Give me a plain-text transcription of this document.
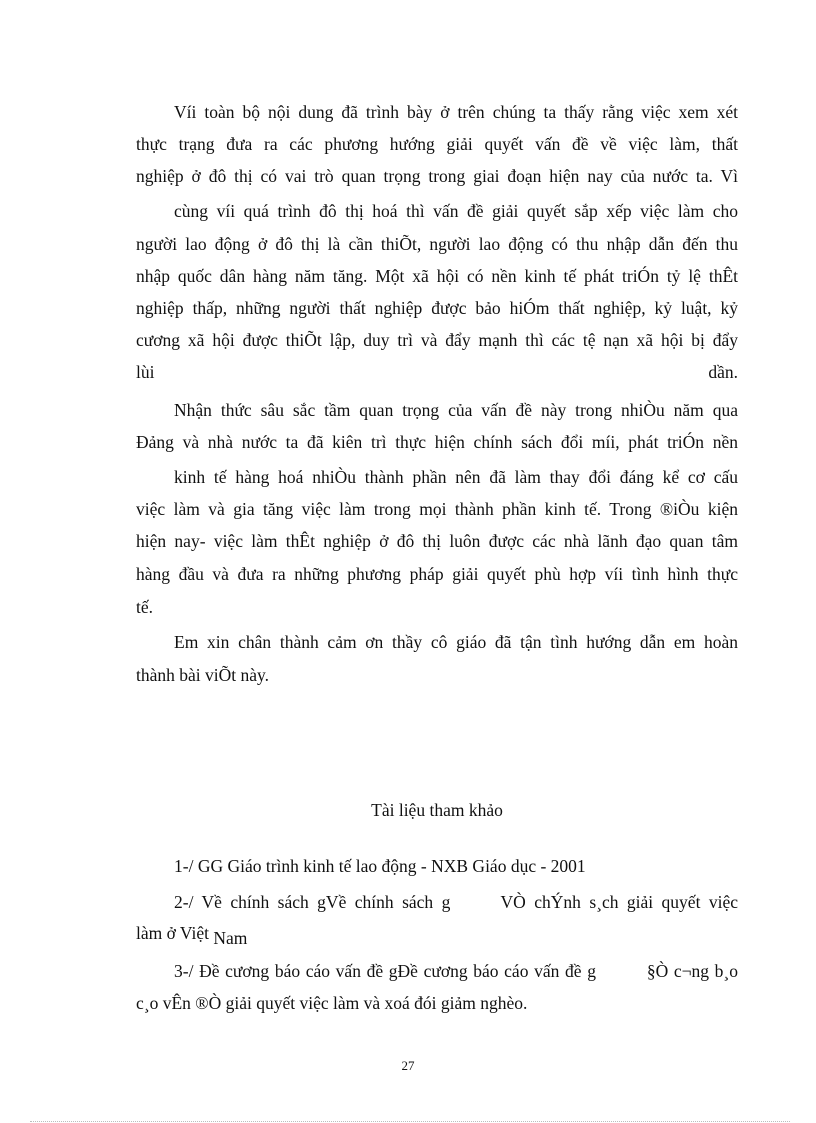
Víi toàn bộ nội dung đã trình bày ở trên chúng ta thấy rằng việc xem xét

thực trạng đưa ra các phương hướng giải quyết vấn đề về việc làm, thất

nghiệp ở đô thị có vai trò quan trọng trong giai đoạn hiện nay của nước ta. Vì

cùng víi quá trình đô thị hoá thì vấn đề giải quyết sắp xếp việc làm cho

người lao động ở đô thị là cần thiÕt, người lao động có thu nhập dẫn đến thu

nhập quốc dân hàng năm tăng. Một xã hội có nền kinh tế phát triÓn tỷ lệ thÊt

nghiệp thấp, những người thất nghiệp được bảo hiÓm thất nghiệp, kỷ luật, kỷ

cương xã hội được thiÕt lập, duy trì và đẩy mạnh thì các tệ nạn xã hội bị đẩy

lùi	dần.

Nhận thức sâu sắc tầm quan trọng của vấn đề này trong nhiÒu năm qua

Đảng và nhà nước ta đã kiên trì thực hiện chính sách đổi míi, phát triÓn nền

kinh tế hàng hoá nhiÒu thành phần nên đã làm thay đổi đáng kể cơ cấu

việc làm và gia tăng việc làm trong mọi thành phần kinh tế. Trong ®iÒu kiện

hiện nay- việc làm thÊt nghiệp ở đô thị luôn được các nhà lãnh đạo quan tâm

hàng đầu và đưa ra những phương pháp giải quyết phù hợp víi tình hình thực

tế.

Em xin chân thành cảm ơn thầy cô giáo đã tận tình hướng dẫn em hoàn

thành bài viÕt này.

Tài liệu tham khảo

1-/ GG Giáo trình kinh tế lao động - NXB Giáo dục - 2001

2-/ Về chính sách gVề chính sách g      VÒ chÝnh s¸ch giải quyết việc

làm ở Việt Nam

3-/ Đề cương báo cáo vấn đề gĐề cương báo cáo vấn đề g         §Ò c¬ng b¸o

c¸o vÊn ®Ò giải quyết việc làm và xoá đói giảm nghèo.

27
